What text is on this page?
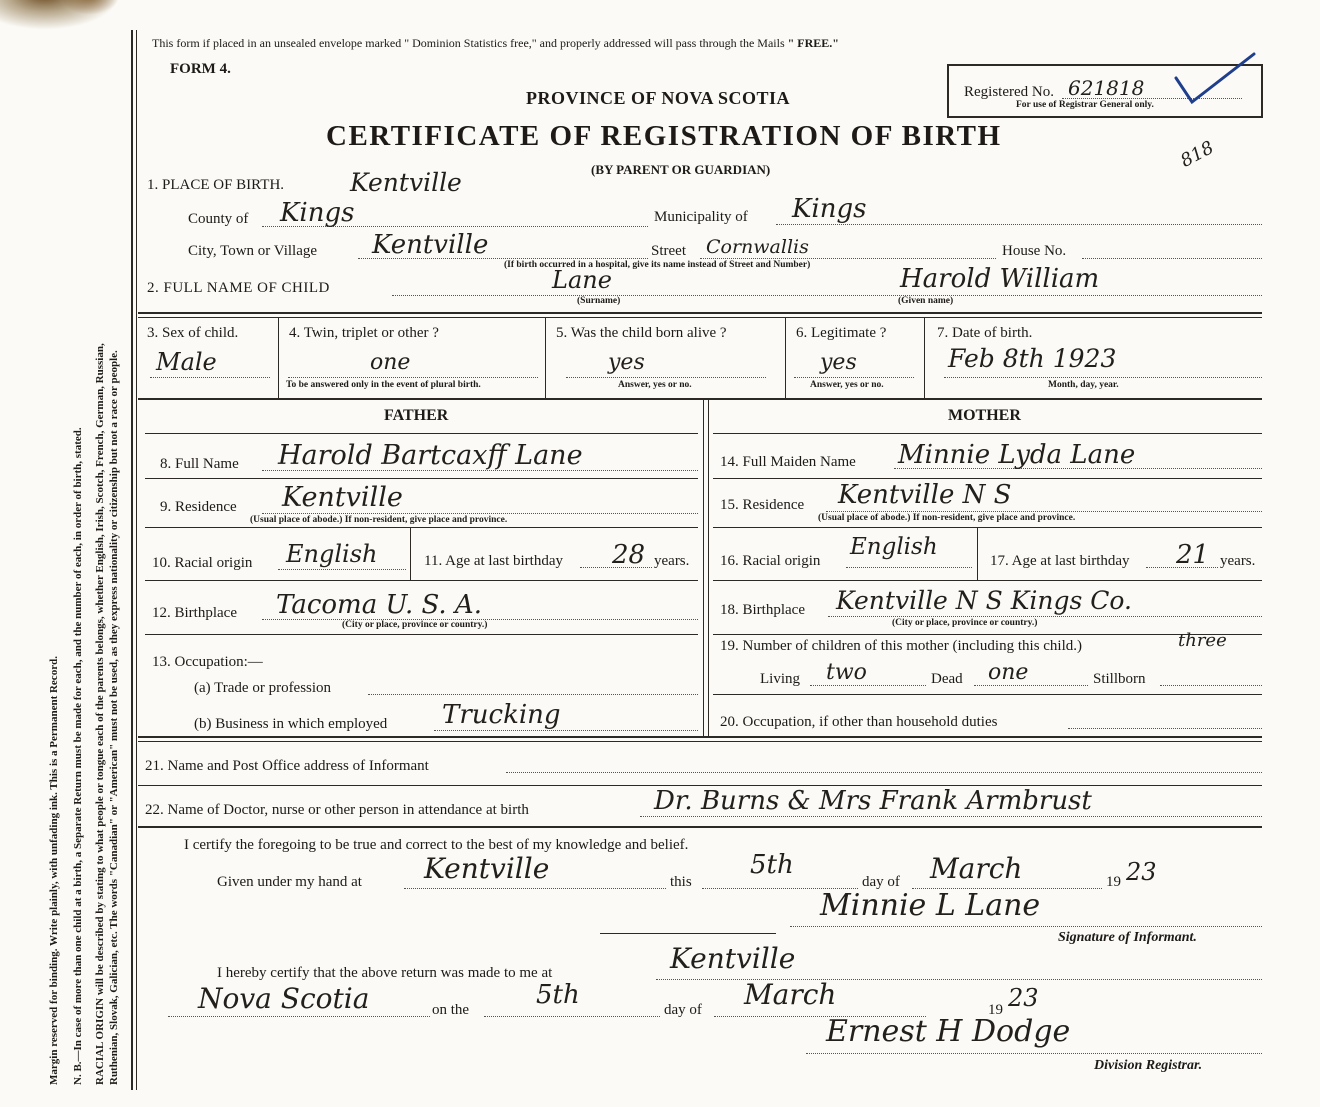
Margin reserved for binding. Write plainly, with unfading ink. This is a Permanent Record. N. B.—In case of more than one child at a birth, a Separate Return must be made for each, and the number of each, in order of birth, stated. RACIAL ORIGIN will be described by stating to what people or tongue each of the parents belongs, whether English, Irish, Scotch, French, German, Russian, Ruthenian, Slovak, Galician, etc. The words "Canadian" or "American" must not be used, as they express nationality or citizenship but not a race or people.
This form if placed in an unsealed envelope marked " Dominion Statistics free," and properly addressed will pass through the Mails " FREE."
FORM 4.
PROVINCE OF NOVA SCOTIA
CERTIFICATE OF REGISTRATION OF BIRTH
(BY PARENT OR GUARDIAN)
Registered No. 621818
For use of Registrar General only.
818
1. PLACE OF BIRTH.	Kentville
County of Kings	Municipality of Kings
City, Town or Village Kentville	Street Cornwallis	House No.
(If birth occurred in a hospital, give its name instead of Street and Number)
2. FULL NAME OF CHILD	Lane
(Surname)
Harold William
(Given name)
3. Sex of child.
Male
4. Twin, triplet or other ?
one
To be answered only in the event of plural birth.
5. Was the child born alive ?
yes
Answer, yes or no.
6. Legitimate ?
yes
Answer, yes or no.
7. Date of birth.
Feb 8th 1923
Month, day, year.
FATHER	MOTHER
8. Full Name Harold Bartcaxff Lane
9. Residence Kentville
(Usual place of abode.) If non-resident, give place and province.
10. Racial origin English	11. Age at last birthday 28 years.
12. Birthplace Tacoma U. S. A.
(City or place, province or country.)
13. Occupation:—
(a) Trade or profession
(b) Business in which employed Trucking
14. Full Maiden Name Minnie Lyda Lane
15. Residence Kentville N S
(Usual place of abode.) If non-resident, give place and province.
16. Racial origin
English
17. Age at last birthday 21 years.
18. Birthplace Kentville N S Kings Co.
(City or place, province or country.)
19. Number of children of this mother (including this child.)	three
Living two	Dead one	Stillborn
20. Occupation, if other than household duties
21. Name and Post Office address of Informant
22. Name of Doctor, nurse or other person in attendance at birth	Dr. Burns & Mrs Frank Armbrust
I certify the foregoing to be true and correct to the best of my knowledge and belief.
Given under my hand at Kentville	this
5th
day of March	19 23
Minnie L Lane
Signature of Informant.
I hereby certify that the above return was made to me at	Kentville
Nova Scotia	on the	5th	day of March	19 23
Ernest H Dodge
Division Registrar.
